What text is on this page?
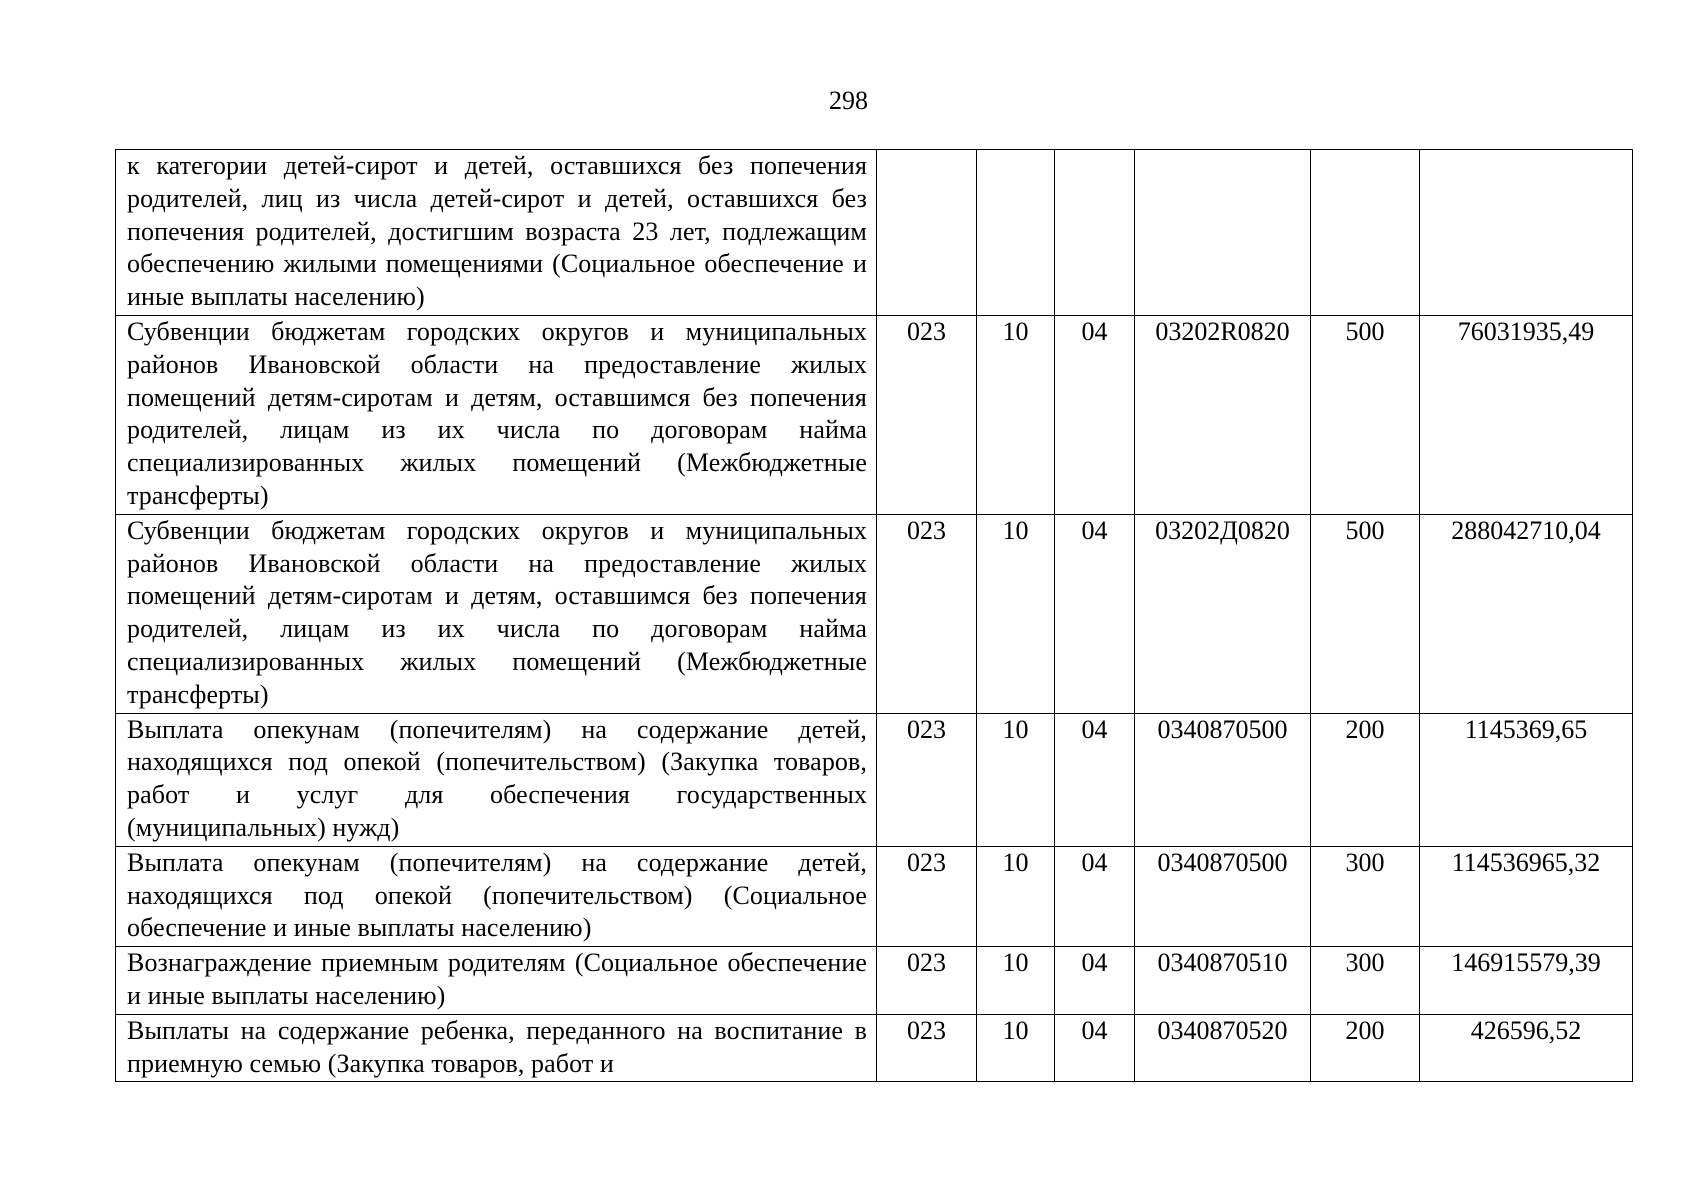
298
к категории детей-сирот и детей, оставшихся без попечения родителей, лиц из числа детей-сирот и детей, оставшихся без попечения родителей, достигшим возраста 23 лет, подлежащим обеспечению жилыми помещениями (Социальное обеспечение и иные выплаты населению)						
Субвенции бюджетам городских округов и муниципальных районов Ивановской области на предоставление жилых помещений детям-сиротам и детям, оставшимся без попечения родителей, лицам из их числа по договорам найма специализированных жилых помещений (Межбюджетные трансферты)	023	10	04	03202R0820	500	76031935,49
Субвенции бюджетам городских округов и муниципальных районов Ивановской области на предоставление жилых помещений детям-сиротам и детям, оставшимся без попечения родителей, лицам из их числа по договорам найма специализированных жилых помещений (Межбюджетные трансферты)	023	10	04	03202Д0820	500	288042710,04
Выплата опекунам (попечителям) на содержание детей, находящихся под опекой (попечительством) (Закупка товаров, работ и услуг для обеспечения государственных (муниципальных) нужд)	023	10	04	0340870500	200	1145369,65
Выплата опекунам (попечителям) на содержание детей, находящихся под опекой (попечительством) (Социальное обеспечение и иные выплаты населению)	023	10	04	0340870500	300	114536965,32
Вознаграждение приемным родителям (Социальное обеспечение и иные выплаты населению)	023	10	04	0340870510	300	146915579,39
Выплаты на содержание ребенка, переданного на воспитание в приемную семью (Закупка товаров, работ и	023	10	04	0340870520	200	426596,52
